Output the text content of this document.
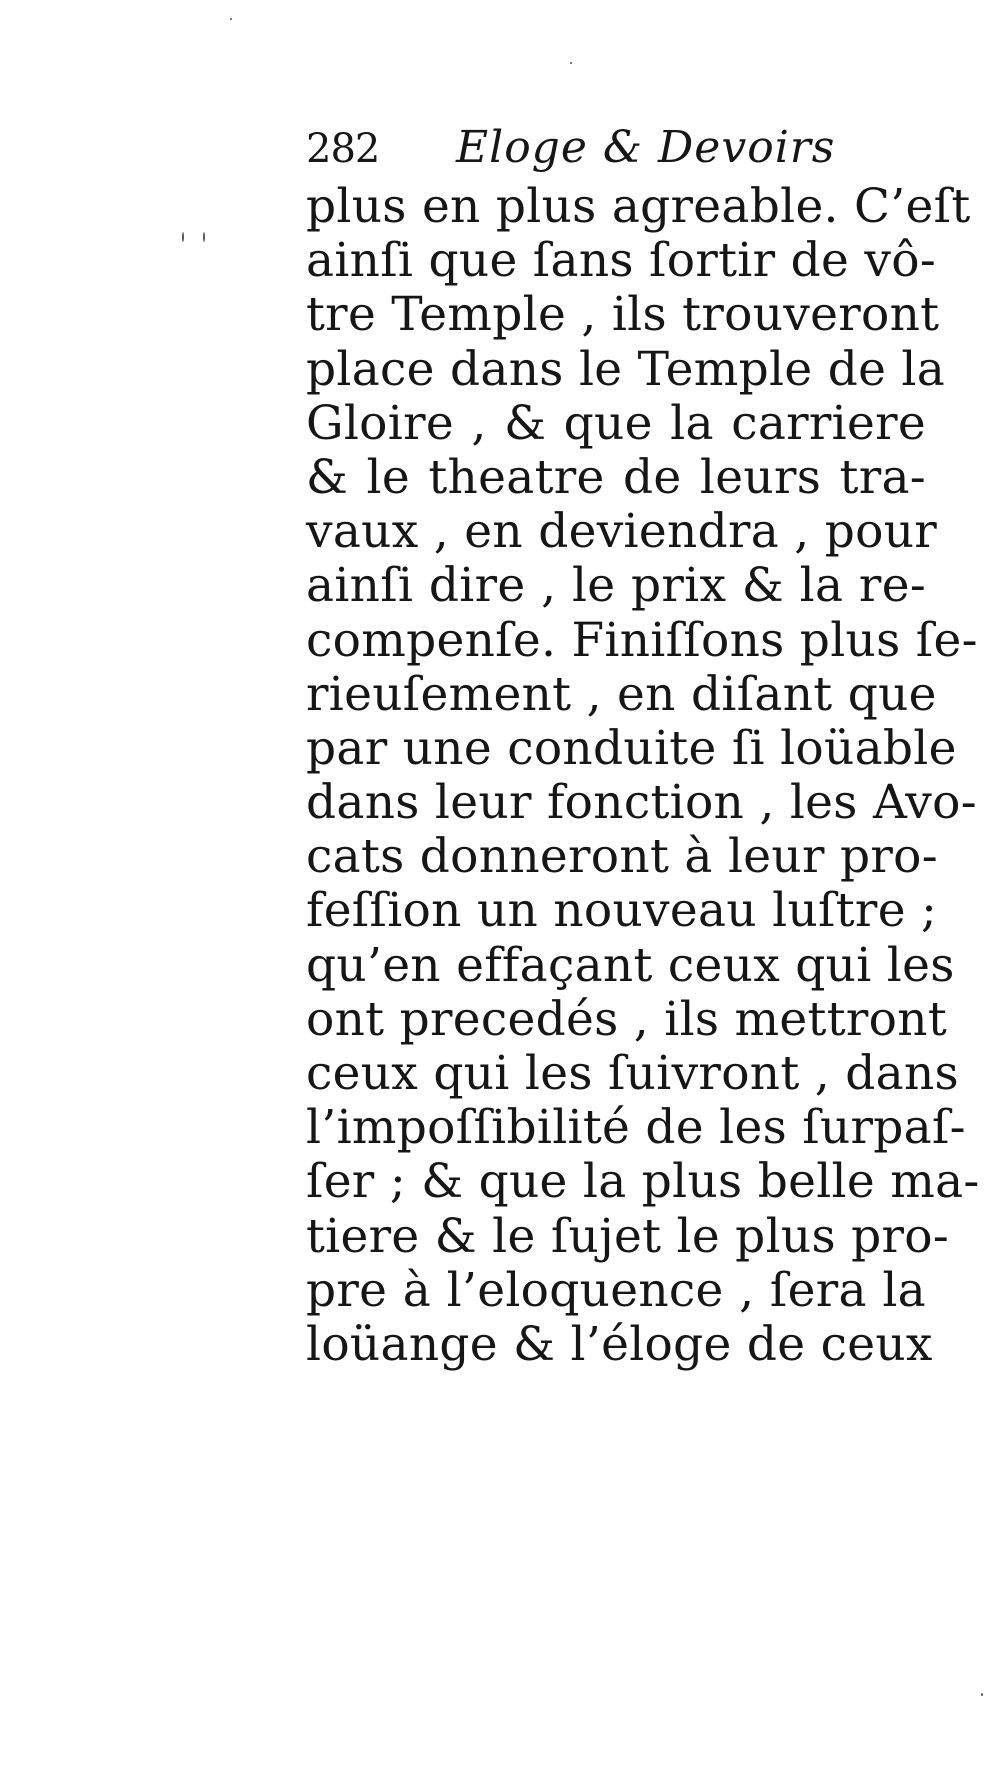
282 Eloge & Devoirs
plus en plus agreable. C’eſt
ainſi que ſans ſortir de vô-
tre Temple , ils trouveront
place dans le Temple de la
Gloire , & que la carriere
& le theatre de leurs tra-
vaux , en deviendra , pour
ainſi dire , le prix & la re-
compenſe. Finiſſons plus ſe-
rieuſement , en diſant que
par une conduite ſi loüable
dans leur fonction , les Avo-
cats donneront à leur pro-
feſſion un nouveau luſtre ;
qu’en effaçant ceux qui les
ont precedés , ils mettront
ceux qui les ſuivront , dans
l’impoſſibilité de les ſurpaſ-
ſer ; & que la plus belle ma-
tiere & le ſujet le plus pro-
pre à l’eloquence , ſera la
loüange & l’éloge de ceux
